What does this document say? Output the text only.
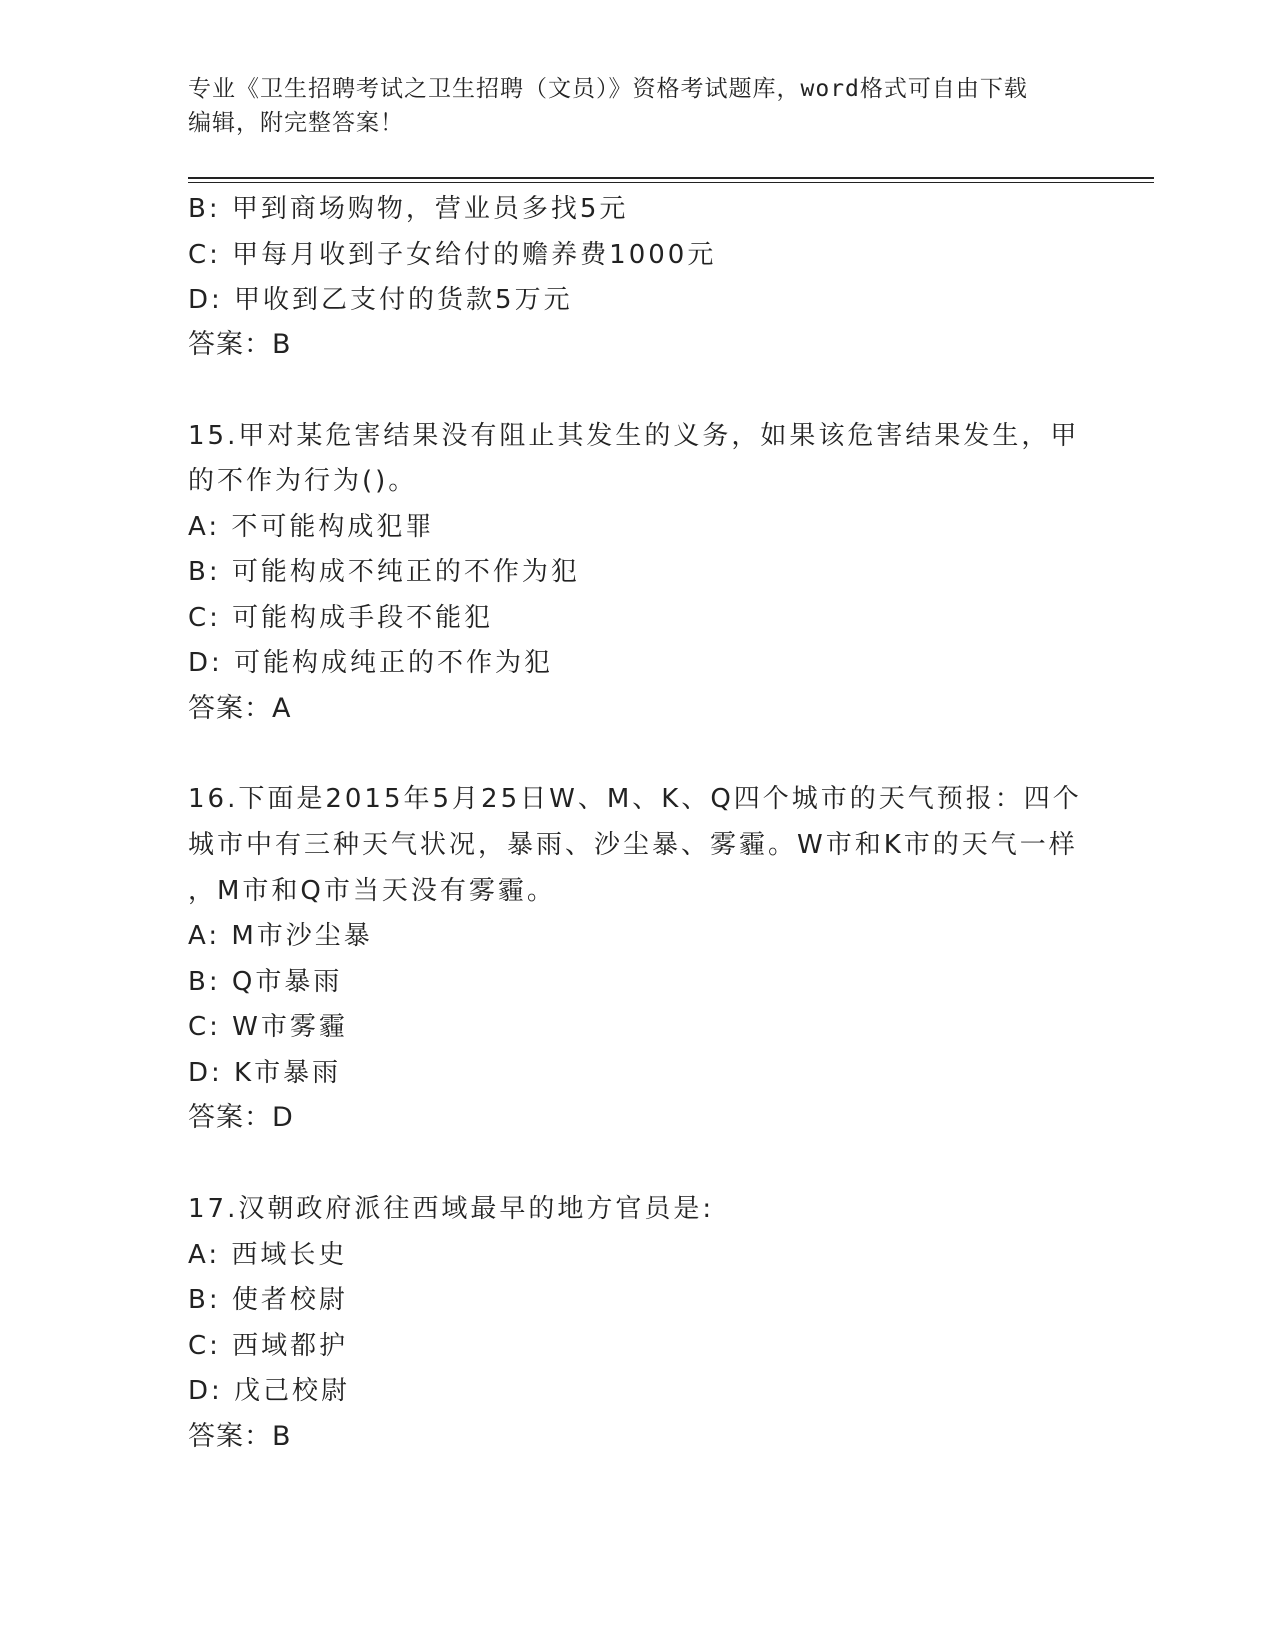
专业《卫生招聘考试之卫生招聘（文员）》资格考试题库，word格式可自由下载
编辑，附完整答案！
B: 甲到商场购物，营业员多找5元
C: 甲每月收到子女给付的赡养费1000元
D: 甲收到乙支付的货款5万元
答案：B
15.甲对某危害结果没有阻止其发生的义务，如果该危害结果发生，甲
的不作为行为()。
A: 不可能构成犯罪
B: 可能构成不纯正的不作为犯
C: 可能构成手段不能犯
D: 可能构成纯正的不作为犯
答案：A
16.下面是2015年5月25日W、M、K、Q四个城市的天气预报：四个
城市中有三种天气状况，暴雨、沙尘暴、雾霾。W市和K市的天气一样
，M市和Q市当天没有雾霾。
A: M市沙尘暴
B: Q市暴雨
C: W市雾霾
D: K市暴雨
答案：D
17.汉朝政府派往西域最早的地方官员是:
A: 西域长史
B: 使者校尉
C: 西域都护
D: 戊己校尉
答案：B
